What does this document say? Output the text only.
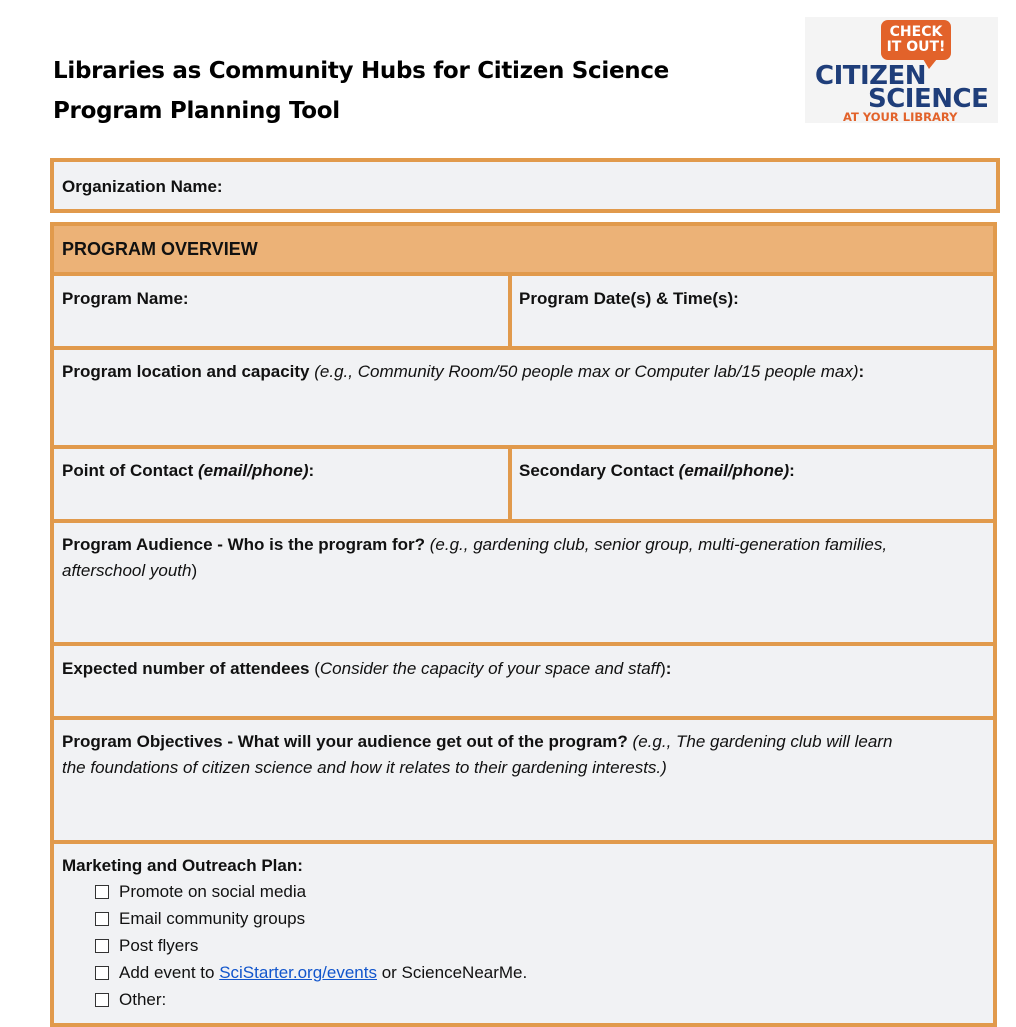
Libraries as Community Hubs for Citizen Science
Program Planning Tool
CHECK
IT OUT!
CITIZEN
SCIENCE
AT YOUR LIBRARY
Organization Name:
PROGRAM OVERVIEW
Program Name:	Program Date(s) & Time(s):
Program location and capacity (e.g., Community Room/50 people max or Computer lab/15 people max):
Point of Contact (email/phone):	Secondary Contact (email/phone):
Program Audience - Who is the program for? (e.g., gardening club, senior group, multi-generation families,
afterschool youth)
Expected number of attendees (Consider the capacity of your space and staff):
Program Objectives - What will your audience get out of the program? (e.g., The gardening club will learn
the foundations of citizen science and how it relates to their gardening interests.)
Marketing and Outreach Plan:
Promote on social media
Email community groups
Post flyers
Add event to SciStarter.org/events or ScienceNearMe.
Other:
